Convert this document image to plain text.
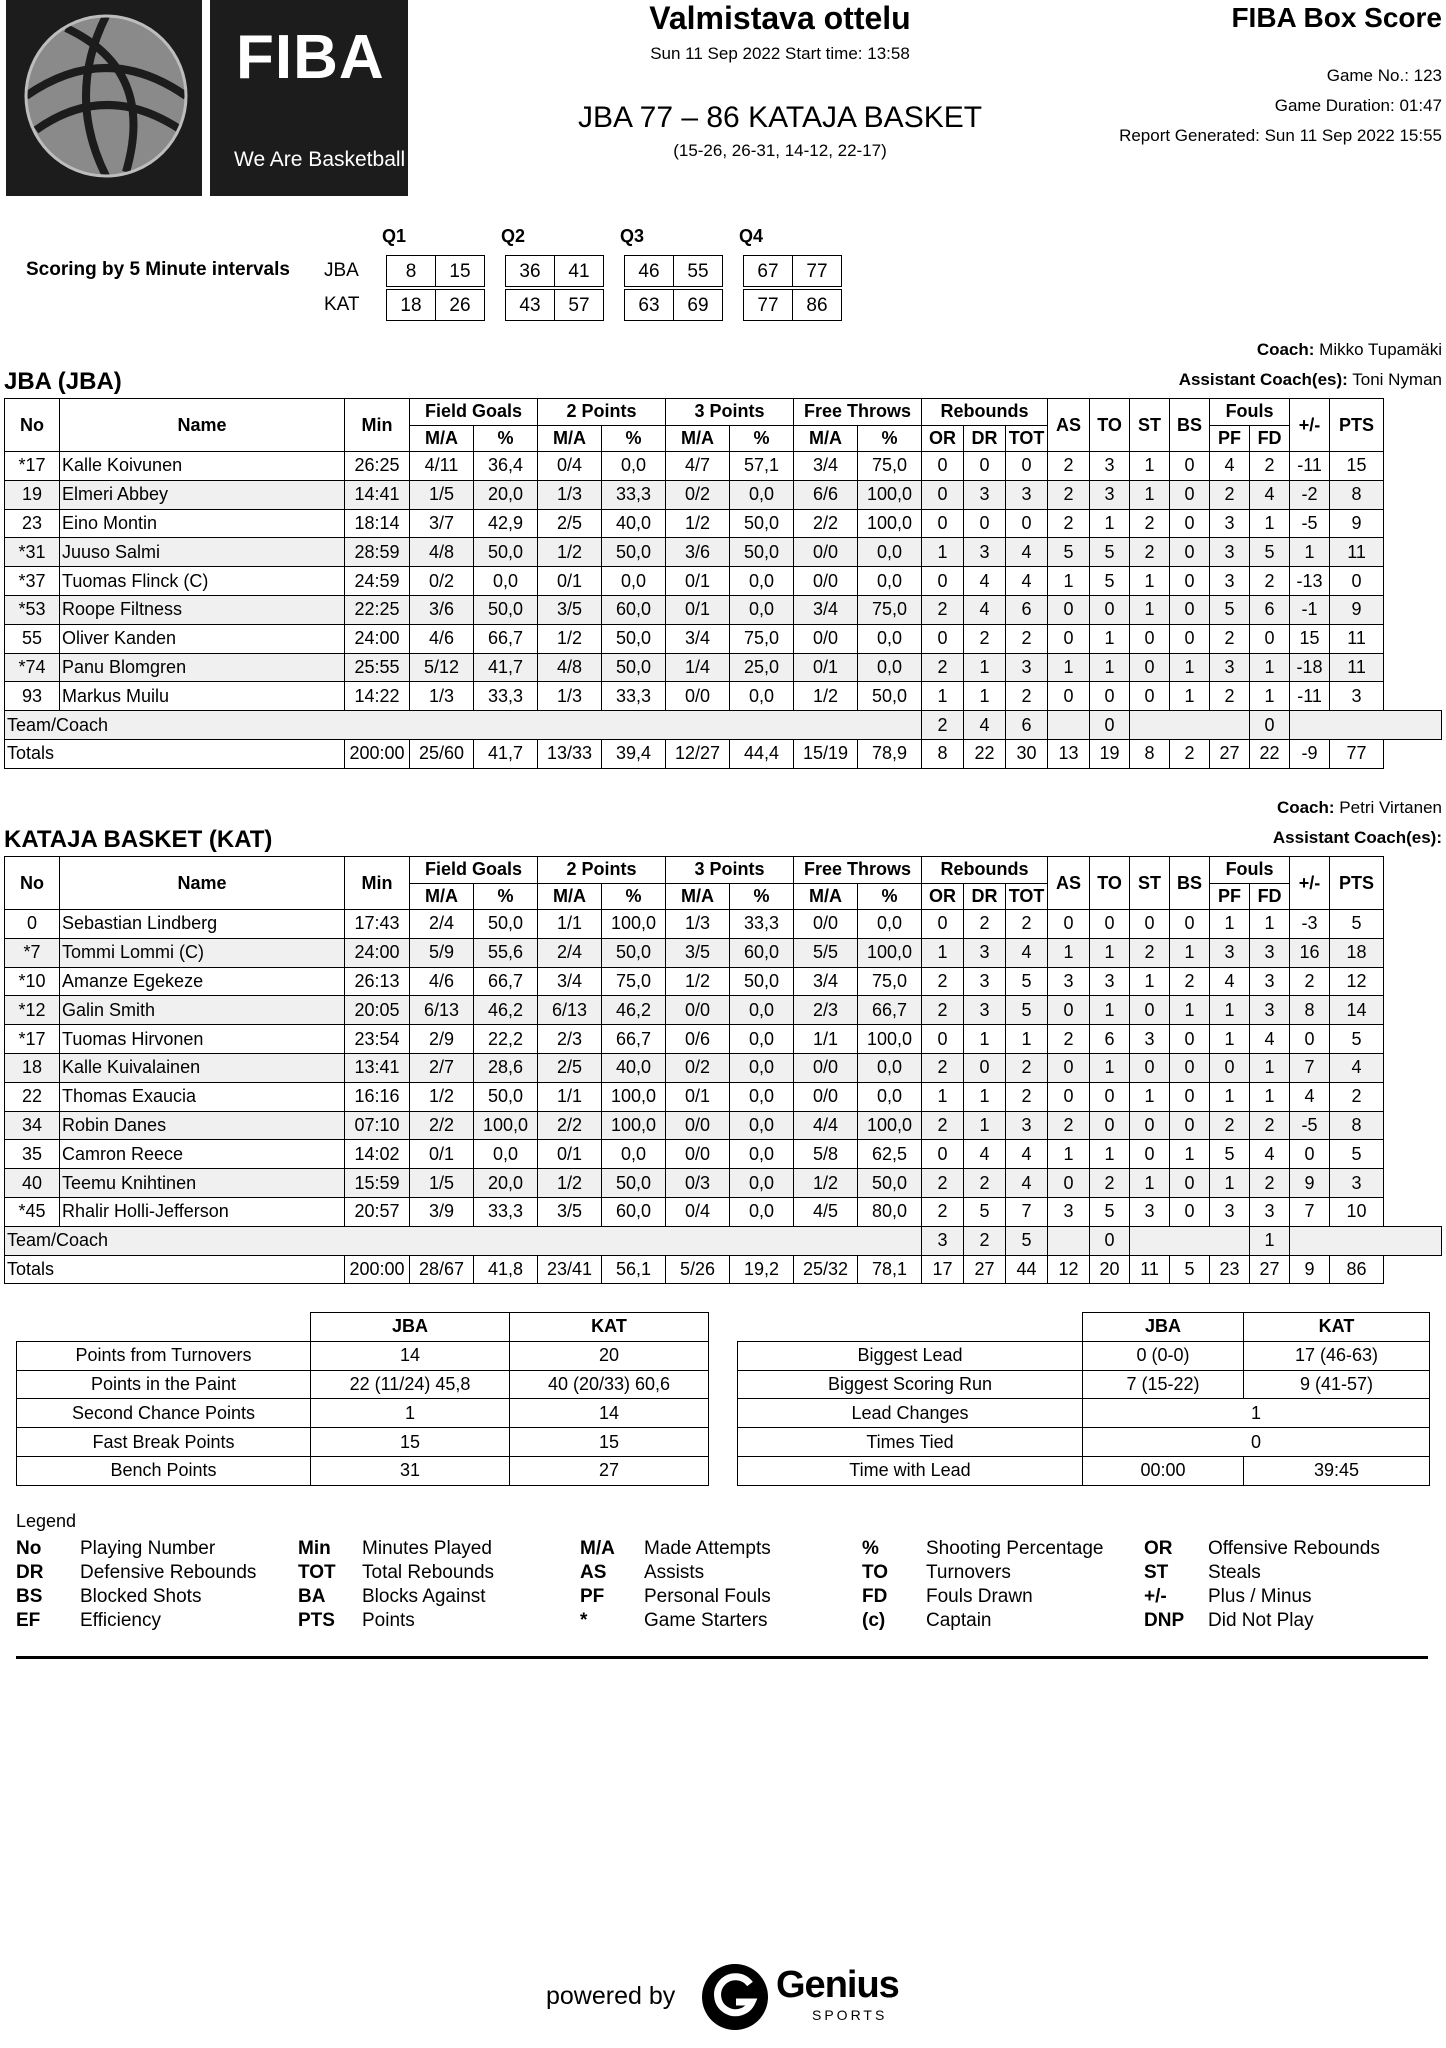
FIBA
We Are Basketball
Valmistava ottelu
Sun 11 Sep 2022 Start time: 13:58
JBA 77 – 86 KATAJA BASKET
(15-26, 26-31, 14-12, 22-17)
FIBA Box Score
Game No.: 123
Game Duration: 01:47
Report Generated: Sun 11 Sep 2022 15:55
Scoring by 5 Minute intervals
Q1	Q2	Q3	Q4
JBA	8	15	36	41	46	55	67	77
KAT	18	26	43	57	63	69	77	86
JBA (JBA)
Coach: Mikko Tupamäki
Assistant Coach(es): Toni Nyman
No	Name	Min	Field Goals		2 Points		3 Points		Free Throws		Rebounds			AS	TO	ST	BS	Fouls		+/-	PTS
			M/A	%	M/A	%	M/A	%	M/A	%	OR	DR	TOT					PF	FD		
*17	Kalle Koivunen	26:25	4/11	36,4	0/4	0,0	4/7	57,1	3/4	75,0	0	0	0	2	3	1	0	4	2	-11	15
19	Elmeri Abbey	14:41	1/5	20,0	1/3	33,3	0/2	0,0	6/6	100,0	0	3	3	2	3	1	0	2	4	-2	8
23	Eino Montin	18:14	3/7	42,9	2/5	40,0	1/2	50,0	2/2	100,0	0	0	0	2	1	2	0	3	1	-5	9
*31	Juuso Salmi	28:59	4/8	50,0	1/2	50,0	3/6	50,0	0/0	0,0	1	3	4	5	5	2	0	3	5	1	11
*37	Tuomas Flinck (C)	24:59	0/2	0,0	0/1	0,0	0/1	0,0	0/0	0,0	0	4	4	1	5	1	0	3	2	-13	0
*53	Roope Filtness	22:25	3/6	50,0	3/5	60,0	0/1	0,0	3/4	75,0	2	4	6	0	0	1	0	5	6	-1	9
55	Oliver Kanden	24:00	4/6	66,7	1/2	50,0	3/4	75,0	0/0	0,0	0	2	2	0	1	0	0	2	0	15	11
*74	Panu Blomgren	25:55	5/12	41,7	4/8	50,0	1/4	25,0	0/1	0,0	2	1	3	1	1	0	1	3	1	-18	11
93	Markus Muilu	14:22	1/3	33,3	1/3	33,3	0/0	0,0	1/2	50,0	1	1	2	0	0	0	1	2	1	-11	3
Team/Coach											2	4	6		0				0		
Totals		200:00	25/60	41,7	13/33	39,4	12/27	44,4	15/19	78,9	8	22	30	13	19	8	2	27	22	-9	77
KATAJA BASKET (KAT)
Coach: Petri Virtanen
Assistant Coach(es):
No	Name	Min	Field Goals		2 Points		3 Points		Free Throws		Rebounds			AS	TO	ST	BS	Fouls		+/-	PTS
			M/A	%	M/A	%	M/A	%	M/A	%	OR	DR	TOT					PF	FD		
0	Sebastian Lindberg	17:43	2/4	50,0	1/1	100,0	1/3	33,3	0/0	0,0	0	2	2	0	0	0	0	1	1	-3	5
*7	Tommi Lommi (C)	24:00	5/9	55,6	2/4	50,0	3/5	60,0	5/5	100,0	1	3	4	1	1	2	1	3	3	16	18
*10	Amanze Egekeze	26:13	4/6	66,7	3/4	75,0	1/2	50,0	3/4	75,0	2	3	5	3	3	1	2	4	3	2	12
*12	Galin Smith	20:05	6/13	46,2	6/13	46,2	0/0	0,0	2/3	66,7	2	3	5	0	1	0	1	1	3	8	14
*17	Tuomas Hirvonen	23:54	2/9	22,2	2/3	66,7	0/6	0,0	1/1	100,0	0	1	1	2	6	3	0	1	4	0	5
18	Kalle Kuivalainen	13:41	2/7	28,6	2/5	40,0	0/2	0,0	0/0	0,0	2	0	2	0	1	0	0	0	1	7	4
22	Thomas Exaucia	16:16	1/2	50,0	1/1	100,0	0/1	0,0	0/0	0,0	1	1	2	0	0	1	0	1	1	4	2
34	Robin Danes	07:10	2/2	100,0	2/2	100,0	0/0	0,0	4/4	100,0	2	1	3	2	0	0	0	2	2	-5	8
35	Camron Reece	14:02	0/1	0,0	0/1	0,0	0/0	0,0	5/8	62,5	0	4	4	1	1	0	1	5	4	0	5
40	Teemu Knihtinen	15:59	1/5	20,0	1/2	50,0	0/3	0,0	1/2	50,0	2	2	4	0	2	1	0	1	2	9	3
*45	Rhalir Holli-Jefferson	20:57	3/9	33,3	3/5	60,0	0/4	0,0	4/5	80,0	2	5	7	3	5	3	0	3	3	7	10
Team/Coach											3	2	5		0				1		
Totals		200:00	28/67	41,8	23/41	56,1	5/26	19,2	25/32	78,1	17	27	44	12	20	11	5	23	27	9	86
	JBA	KAT
Points from Turnovers	14	20
Points in the Paint	22 (11/24) 45,8	40 (20/33) 60,6
Second Chance Points	1	14
Fast Break Points	15	15
Bench Points	31	27
	JBA	KAT
Biggest Lead	0 (0-0)	17 (46-63)
Biggest Scoring Run	7 (15-22)	9 (41-57)
Lead Changes	1	
Times Tied	0	
Time with Lead	00:00	39:45
Legend
No Playing Number	Min Minutes Played	M/A Made Attempts	% Shooting Percentage OR Offensive Rebounds
DR Defensive Rebounds TOT Total Rebounds	AS Assists	TO Turnovers	ST Steals
BS Blocked Shots	BA Blocks Against	PF Personal Fouls	FD Fouls Drawn	+/- Plus / Minus
EF Efficiency	PTS Points	*	Game Starters	(c) Captain	DNP Did Not Play
powered by	Genius
SPORTS
